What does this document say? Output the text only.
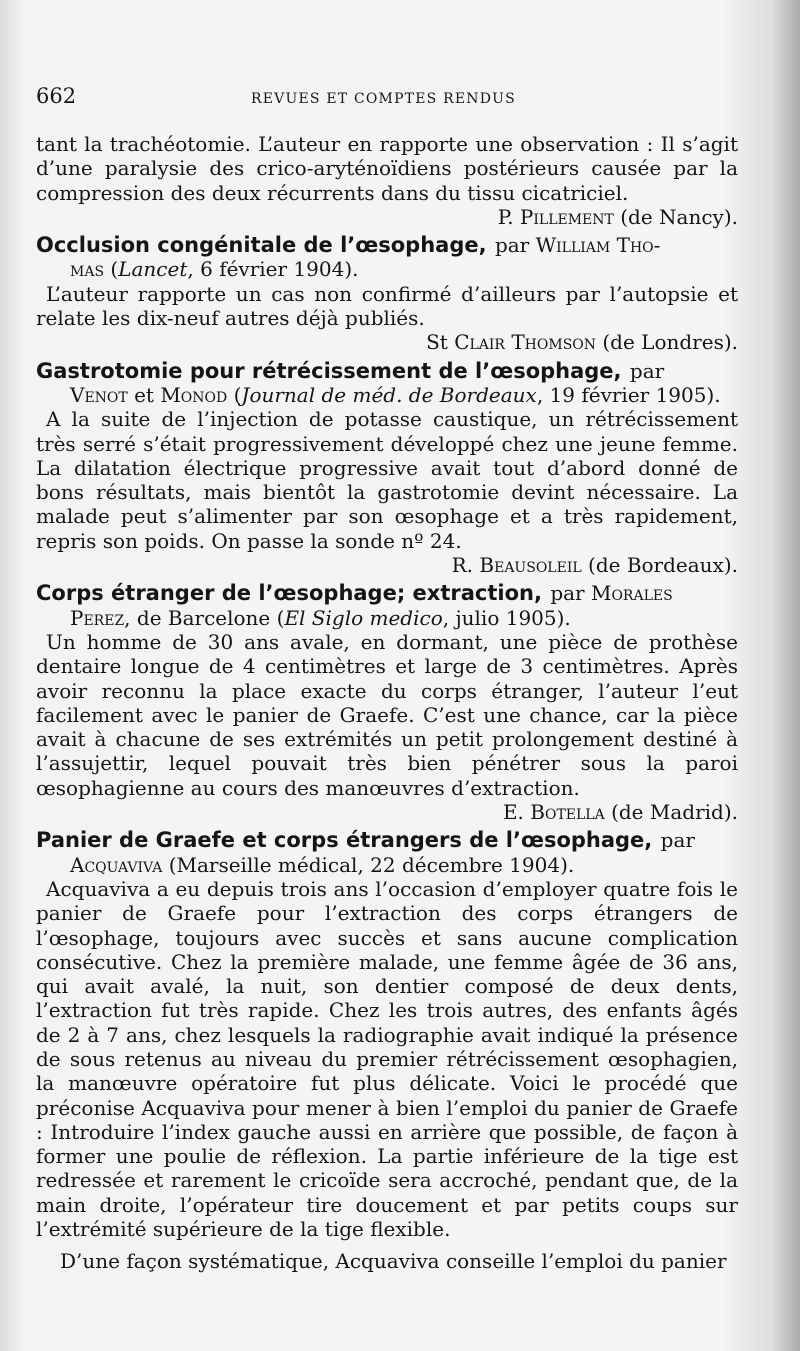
662	REVUES ET COMPTES RENDUS

tant la trachéotomie. L’auteur en rapporte une observation : Il s’agit d’une paralysie des crico-aryténoïdiens postérieurs causée par la compression des deux récurrents dans du tissu cicatriciel.

P. Pillement (de Nancy).
Occlusion congénitale de l’œsophage, par William Tho-
mas (Lancet, 6 février 1904).

L’auteur rapporte un cas non confirmé d’ailleurs par l’autopsie et relate les dix-neuf autres déjà publiés.

St Clair Thomson (de Londres).
Gastrotomie pour rétrécissement de l’œsophage, par
Venot et Monod (Journal de méd. de Bordeaux, 19 février 1905).

A la suite de l’injection de potasse caustique, un rétrécissement très serré s’était progressivement développé chez une jeune femme. La dilatation électrique progressive avait tout d’abord donné de bons résultats, mais bientôt la gastrotomie devint nécessaire. La malade peut s’alimenter par son œsophage et a très rapidement, repris son poids. On passe la sonde nº 24.

R. Beausoleil (de Bordeaux).
Corps étranger de l’œsophage; extraction, par Morales
Perez, de Barcelone (El Siglo medico, julio 1905).

Un homme de 30 ans avale, en dormant, une pièce de prothèse dentaire longue de 4 centimètres et large de 3 centimètres. Après avoir reconnu la place exacte du corps étranger, l’auteur l’eut facilement avec le panier de Graefe. C’est une chance, car la pièce avait à chacune de ses extrémités un petit prolongement destiné à l’assujettir, lequel pouvait très bien pénétrer sous la paroi œsophagienne au cours des manœuvres d’extraction.

E. Botella (de Madrid).
Panier de Graefe et corps étrangers de l’œsophage, par
Acquaviva (Marseille médical, 22 décembre 1904).

Acquaviva a eu depuis trois ans l’occasion d’employer quatre fois le panier de Graefe pour l’extraction des corps étrangers de l’œsophage, toujours avec succès et sans aucune complication consécutive. Chez la première malade, une femme âgée de 36 ans, qui avait avalé, la nuit, son dentier composé de deux dents, l’extraction fut très rapide. Chez les trois autres, des enfants âgés de 2 à 7 ans, chez lesquels la radiographie avait indiqué la présence de sous retenus au niveau du premier rétrécissement œsophagien, la manœuvre opératoire fut plus délicate. Voici le procédé que préconise Acquaviva pour mener à bien l’emploi du panier de Graefe : Introduire l’index gauche aussi en arrière que possible, de façon à former une poulie de réflexion. La partie inférieure de la tige est redressée et rarement le cricoïde sera accroché, pendant que, de la main droite, l’opérateur tire doucement et par petits coups sur l’extrémité supérieure de la tige flexible.

D’une façon systématique, Acquaviva conseille l’emploi du panier
